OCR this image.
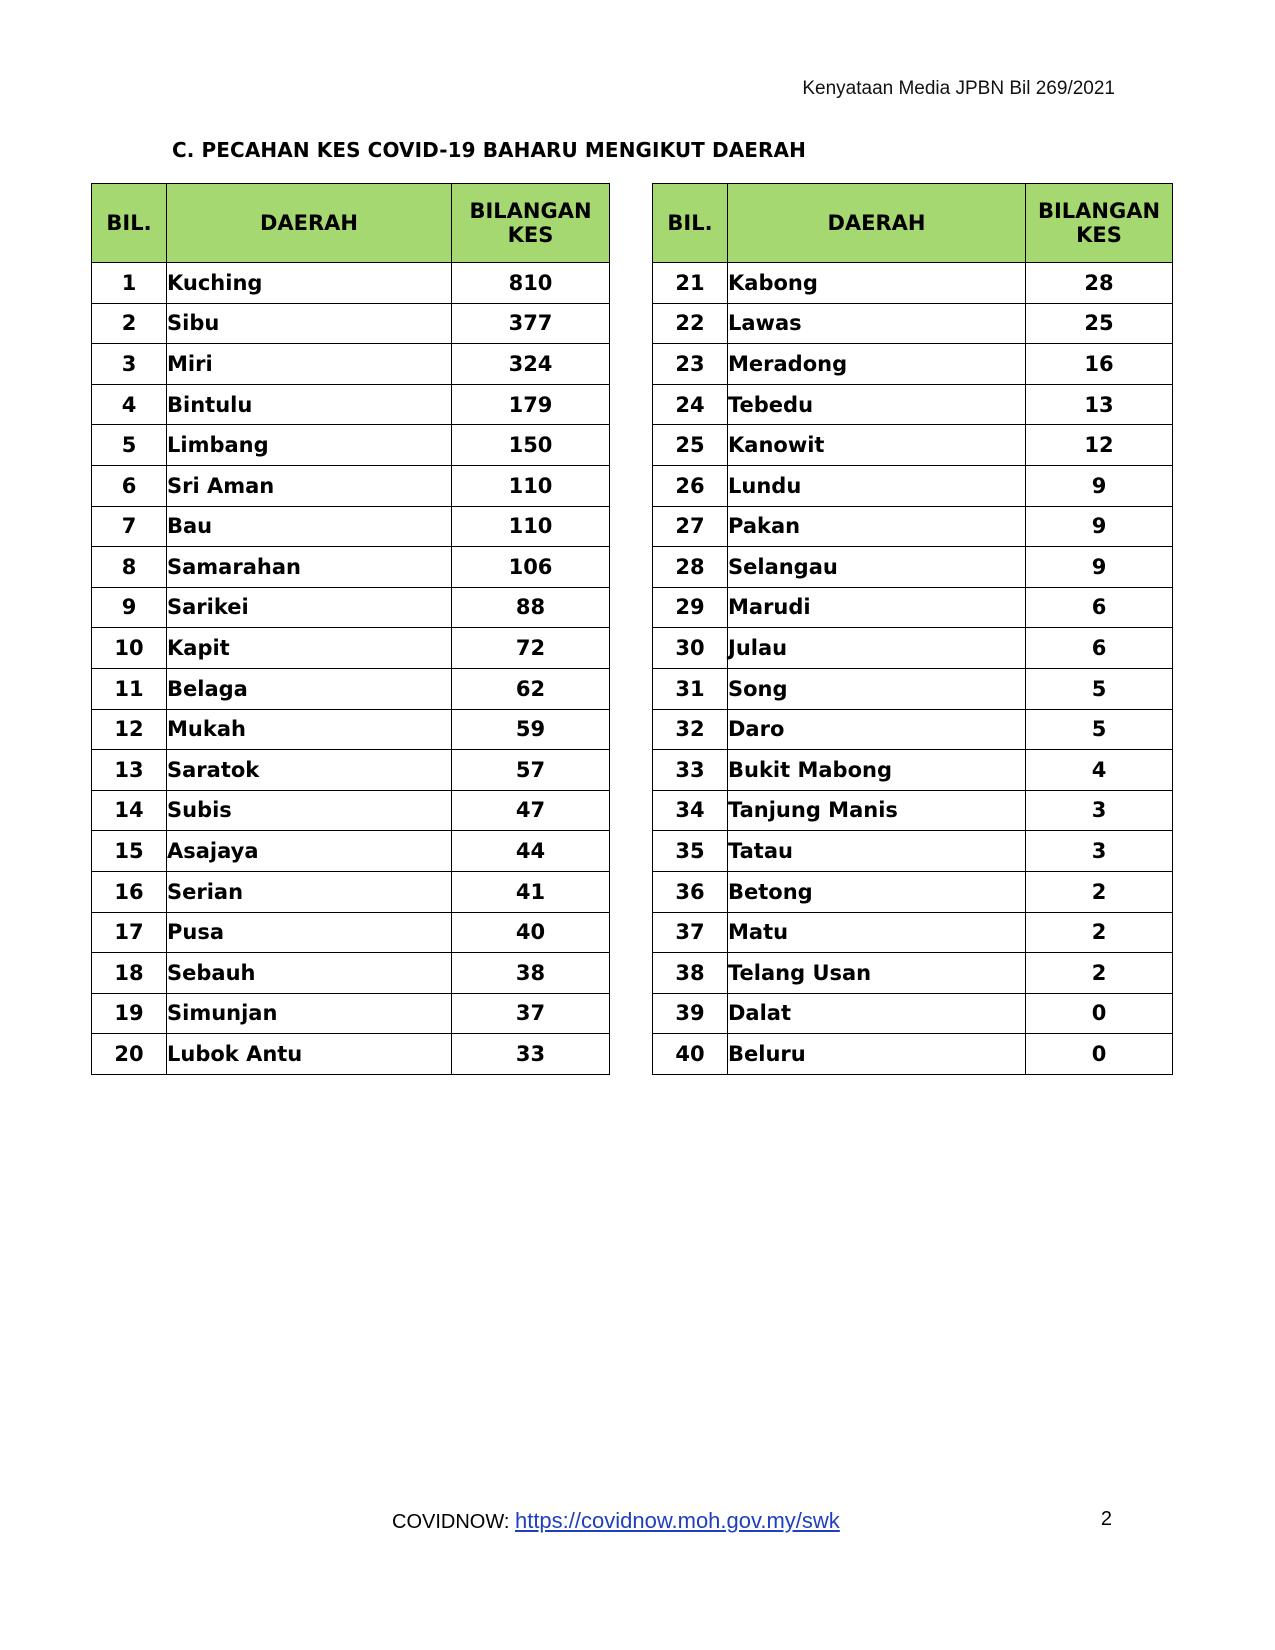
Kenyataan Media JPBN Bil 269/2021
C. PECAHAN KES COVID-19 BAHARU MENGIKUT DAERAH
BIL.	DAERAH	BILANGAN KES
1	Kuching	810
2	Sibu	377
3	Miri	324
4	Bintulu	179
5	Limbang	150
6	Sri Aman	110
7	Bau	110
8	Samarahan	106
9	Sarikei	88
10	Kapit	72
11	Belaga	62
12	Mukah	59
13	Saratok	57
14	Subis	47
15	Asajaya	44
16	Serian	41
17	Pusa	40
18	Sebauh	38
19	Simunjan	37
20	Lubok Antu	33
BIL.	DAERAH	BILANGAN KES
21	Kabong	28
22	Lawas	25
23	Meradong	16
24	Tebedu	13
25	Kanowit	12
26	Lundu	9
27	Pakan	9
28	Selangau	9
29	Marudi	6
30	Julau	6
31	Song	5
32	Daro	5
33	Bukit Mabong	4
34	Tanjung Manis	3
35	Tatau	3
36	Betong	2
37	Matu	2
38	Telang Usan	2
39	Dalat	0
40	Beluru	0
COVIDNOW: https://covidnow.moh.gov.my/swk	2
